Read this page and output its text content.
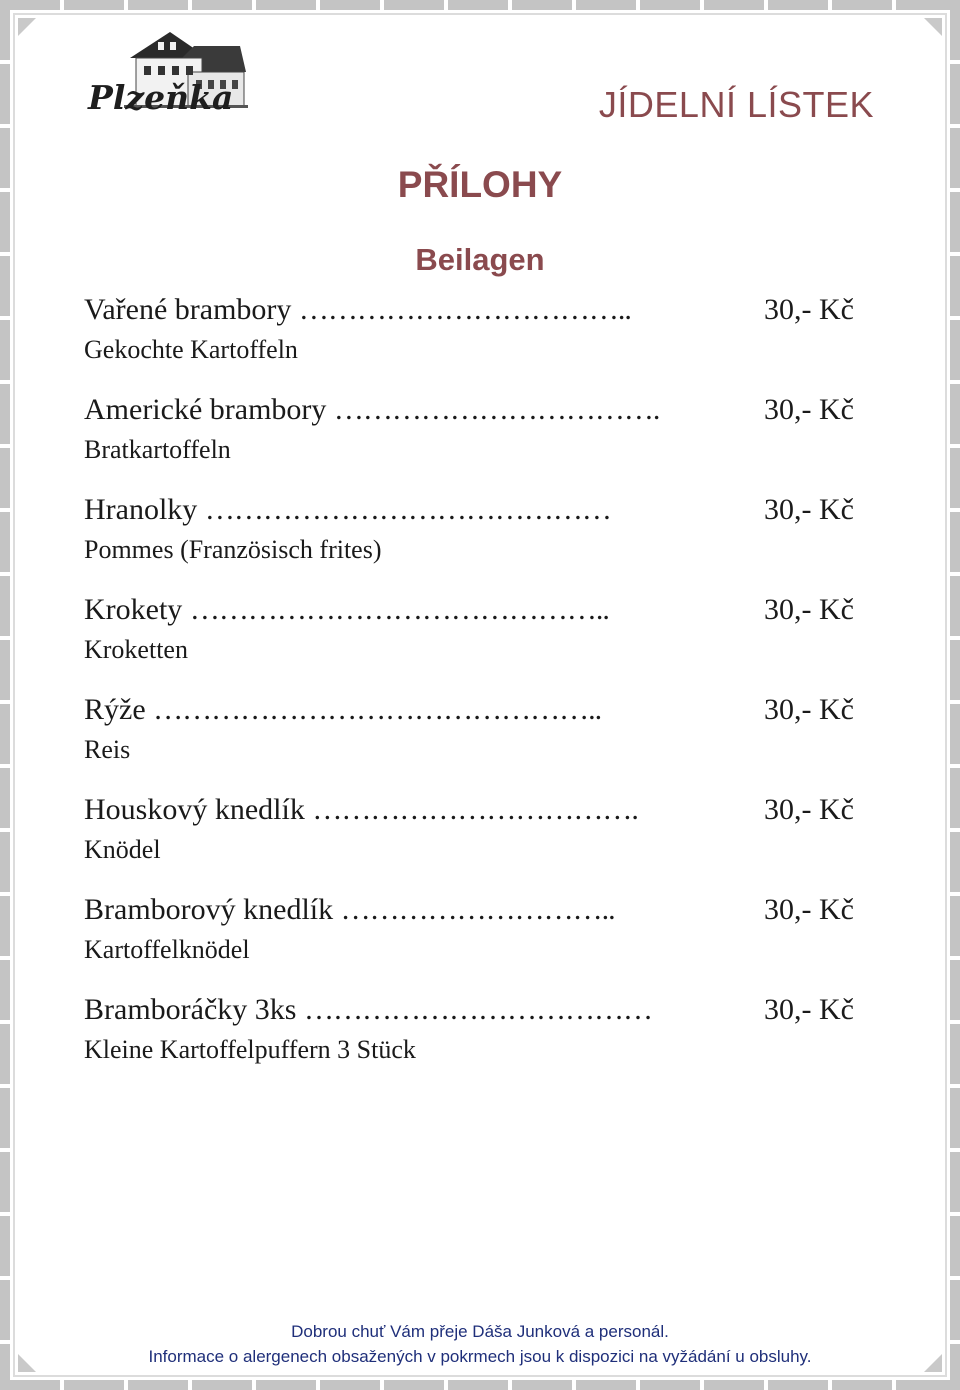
Plzeňka	JÍDELNÍ LÍSTEK
PŘÍLOHY
Beilagen
Vařené brambory ……………………………..	30,- Kč
Gekochte Kartoffeln
Americké brambory …………………………….	30,- Kč
Bratkartoffeln
Hranolky ……………………………………	30,- Kč
Pommes (Französisch frites)
Krokety ……………………………………..	30,- Kč
Kroketten
Rýže ………………………………………..	30,- Kč
Reis
Houskový knedlík …………………………….	30,- Kč
Knödel
Bramborový knedlík ………………………..	30,- Kč
Kartoffelknödel
Bramboráčky 3ks ………………………………	30,- Kč
Kleine Kartoffelpuffern 3 Stück
Dobrou chuť Vám přeje Dáša Junková a personál.
Informace o alergenech obsažených v pokrmech jsou k dispozici na vyžádání u obsluhy.
